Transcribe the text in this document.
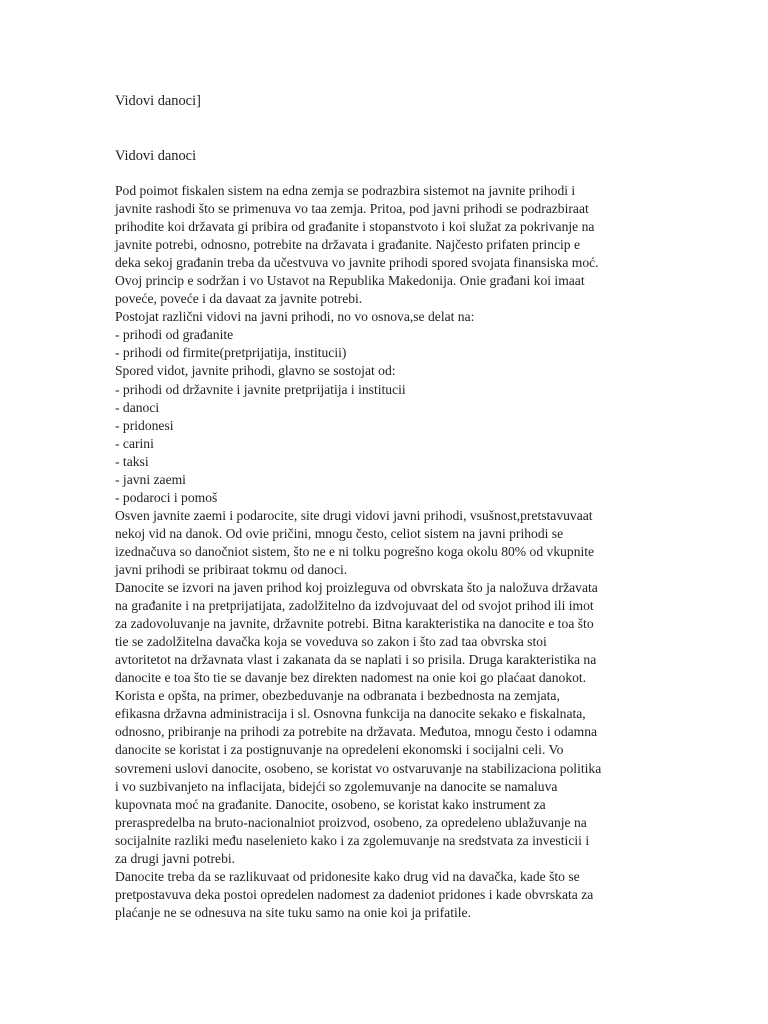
Vidovi danoci]
Vidovi danoci
Pod poimot fiskalen sistem na edna zemja se podrazbira sistemot na javnite prihodi i
javnite rashodi što se primenuva vo taa zemja. Pritoa, pod javni prihodi se podrazbiraat
prihodite koi državata gi pribira od građanite i stopanstvoto i koi služat za pokrivanje na
javnite potrebi, odnosno, potrebite na državata i građanite. Najčesto prifaten princip e
deka sekoj građanin treba da učestvuva vo javnite prihodi spored svojata finansiska moć.
Ovoj princip e sodržan i vo Ustavot na Republika Makedonija. Onie građani koi imaat
poveće, poveće i da davaat za javnite potrebi.
Postojat različni vidovi na javni prihodi, no vo osnova,se delat na:
- prihodi od građanite
- prihodi od firmite(pretprijatija, institucii)
Spored vidot, javnite prihodi, glavno se sostojat od:
- prihodi od državnite i javnite pretprijatija i institucii
- danoci
- pridonesi
- carini
- taksi
- javni zaemi
- podaroci i pomoš
Osven javnite zaemi i podarocite, site drugi vidovi javni prihodi, vsušnost,pretstavuvaat
nekoj vid na danok. Od ovie pričini, mnogu često, celiot sistem na javni prihodi se
izednačuva so danočniot sistem, što ne e ni tolku pogrešno koga okolu 80% od vkupnite
javni prihodi se pribiraat tokmu od danoci.
Danocite se izvori na javen prihod koj proizleguva od obvrskata što ja naložuva državata
na građanite i na pretprijatijata, zadolžitelno da izdvojuvaat del od svojot prihod ili imot
za zadovoluvanje na javnite, državnite potrebi. Bitna karakteristika na danocite e toa što
tie se zadolžitelna davačka koja se voveduva so zakon i što zad taa obvrska stoi
avtoritetot na državnata vlast i zakanata da se naplati i so prisila. Druga karakteristika na
danocite e toa što tie se davanje bez direkten nadomest na onie koi go plaćaat danokot.
Korista e opšta, na primer, obezbeduvanje na odbranata i bezbednosta na zemjata,
efikasna državna administracija i sl. Osnovna funkcija na danocite sekako e fiskalnata,
odnosno, pribiranje na prihodi za potrebite na državata. Međutoa, mnogu često i odamna
danocite se koristat i za postignuvanje na opredeleni ekonomski i socijalni celi. Vo
sovremeni uslovi danocite, osobeno, se koristat vo ostvaruvanje na stabilizaciona politika
i vo suzbivanjeto na inflacijata, bidejći so zgolemuvanje na danocite se namaluva
kupovnata moć na građanite. Danocite, osobeno, se koristat kako instrument za
preraspredelba na bruto-nacionalniot proizvod, osobeno, za opredeleno ublažuvanje na
socijalnite razliki među naselenieto kako i za zgolemuvanje na sredstvata za investicii i
za drugi javni potrebi.
Danocite treba da se razlikuvaat od pridonesite kako drug vid na davačka, kade što se
pretpostavuva deka postoi opredelen nadomest za dadeniot pridones i kade obvrskata za
plaćanje ne se odnesuva na site tuku samo na onie koi ja prifatile.
